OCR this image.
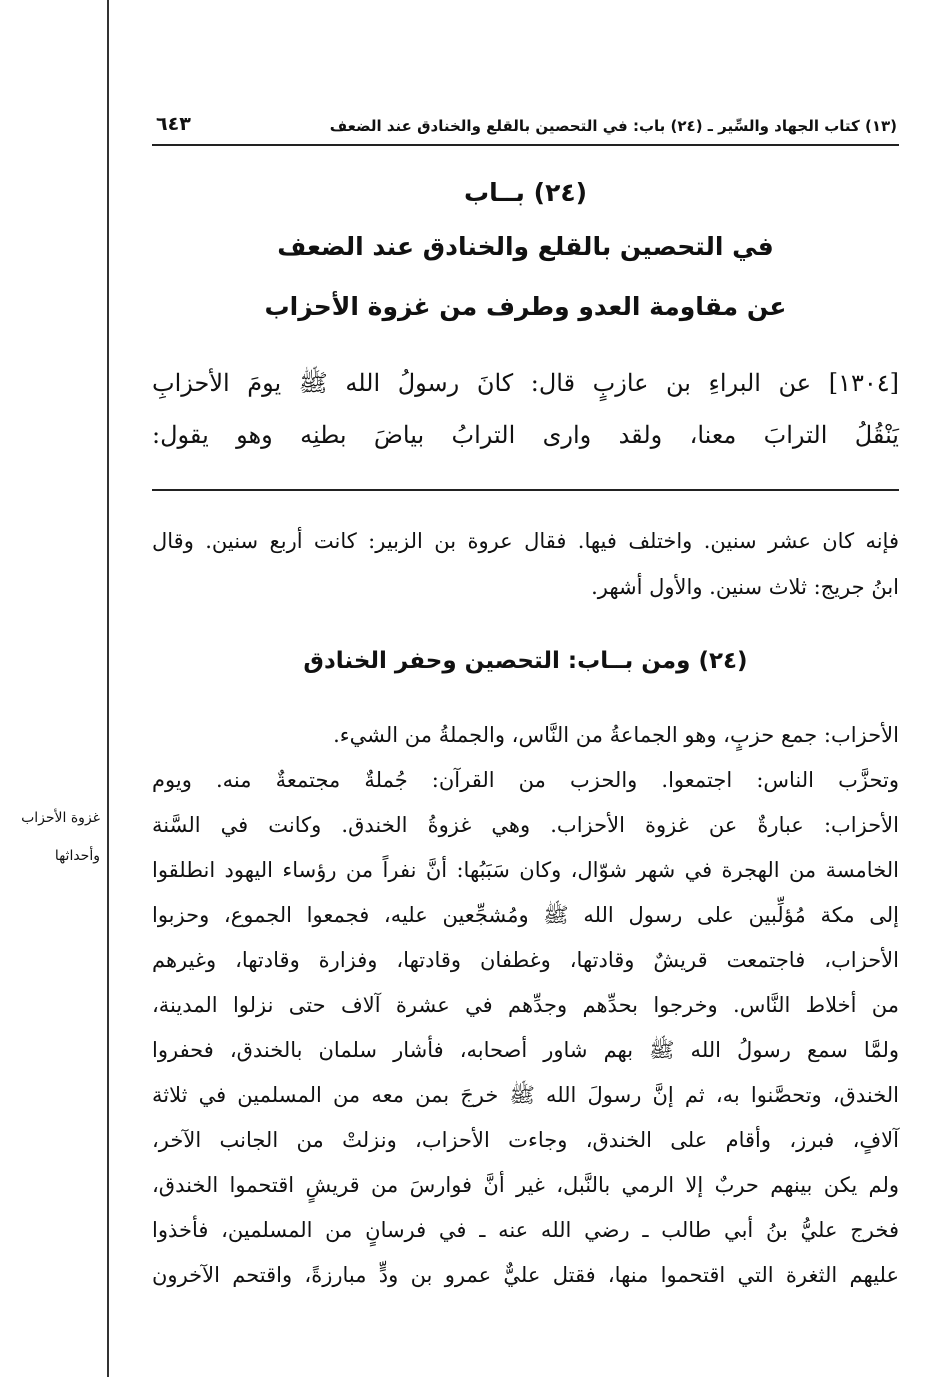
(١٣) كتاب الجهاد والسِّير ـ (٢٤) باب: في التحصين بالقلع والخنادق عند الضعف
٦٤٣
(٢٤) بــاب
في التحصين بالقلع والخنادق عند الضعف
عن مقاومة العدو وطرف من غزوة الأحزاب
[١٣٠٤] عن البراءِ بن عازبٍ قال: كانَ رسولُ الله ﷺ يومَ الأحزابِ
يَنْقُلُ الترابَ معنا، ولقد وارى الترابُ بياضَ بطنِه وهو يقول:
فإنه كان عشر سنين. واختلف فيها. فقال عروة بن الزبير: كانت أربع سنين. وقال
ابنُ جريج: ثلاث سنين. والأول أشهر.
(٢٤) ومن بــاب: التحصين وحفر الخنادق
الأحزاب: جمع حزبٍ، وهو الجماعةُ من النَّاس، والجملةُ من الشيء.
وتحزَّب الناس: اجتمعوا. والحزب من القرآن: جُملةٌ مجتمعةٌ منه. ويوم
الأحزاب: عبارةٌ عن غزوة الأحزاب. وهي غزوةُ الخندق. وكانت في السَّنة
الخامسة من الهجرة في شهر شوّال، وكان سَبَبُها: أنَّ نفراً من رؤساء اليهود انطلقوا
إلى مكة مُؤلِّبين على رسول الله ﷺ ومُشجِّعين عليه، فجمعوا الجموع، وحزبوا
الأحزاب، فاجتمعت قريشٌ وقادتها، وغطفان وقادتها، وفزارة وقادتها، وغيرهم
من أخلاط النَّاس. وخرجوا بحدِّهم وجدِّهم في عشرة آلاف حتى نزلوا المدينة،
ولمَّا سمع رسولُ الله ﷺ بهم شاور أصحابه، فأشار سلمان بالخندق، فحفروا
الخندق، وتحصَّنوا به، ثم إنَّ رسولَ الله ﷺ خرجَ بمن معه من المسلمين في ثلاثة
آلافٍ، فبرز، وأقام على الخندق، وجاءت الأحزاب، ونزلتْ من الجانب الآخر،
ولم يكن بينهم حربٌ إلا الرمي بالنَّبل، غير أنَّ فوارسَ من قريشٍ اقتحموا الخندق،
فخرج عليُّ بنُ أبي طالب ـ رضي الله عنه ـ في فرسانٍ من المسلمين، فأخذوا
عليهم الثغرة التي اقتحموا منها، فقتل عليٌّ عمرو بن ودٍّ مبارزةً، واقتحم الآخرون
غزوة الأحزاب
وأحداثها
